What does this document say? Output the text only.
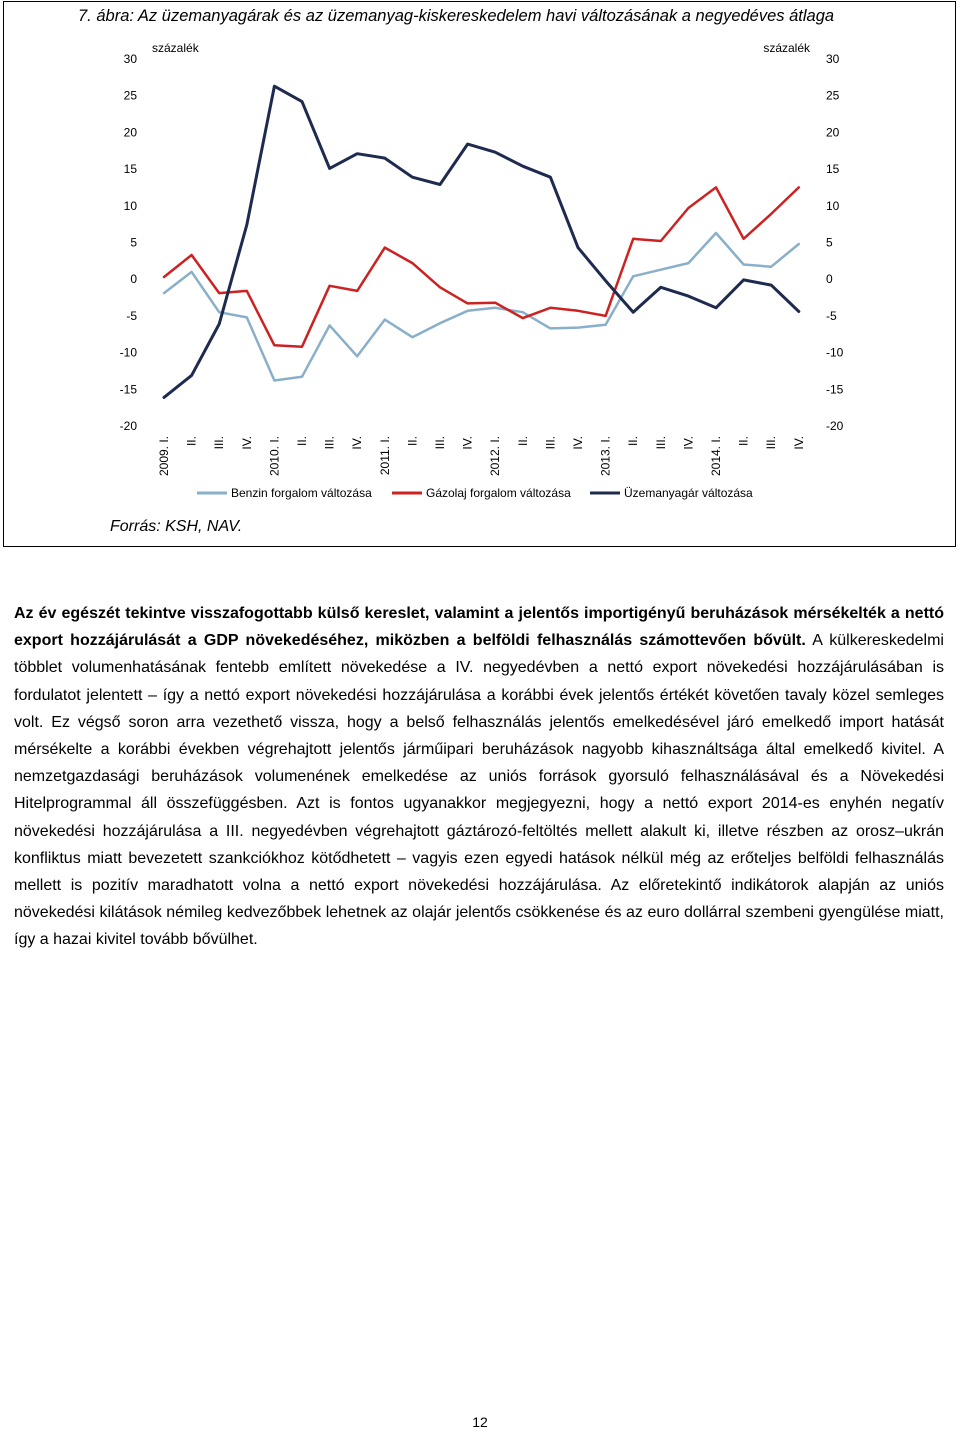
7. ábra: Az üzemanyagárak és az üzemanyag-kiskereskedelem havi változásának a negyedéves átlaga
30	30
25	25
20	20
15	15
10	10
5	5
0	0
-5	-5
-10	-10
-15	-15
-20	-20
százalék	százalék
2009. I. II. III. IV. 2010. I. II. III. IV. 2011. I. II. III. IV. 2012. I. II. III. IV. 2013. I. II. III. IV. 2014. I. II. III. IV.
Benzin forgalom változása	Gázolaj forgalom változása	Üzemanyagár változása
Forrás: KSH, NAV.
Az év egészét tekintve visszafogottabb külső kereslet, valamint a jelentős importigényű beruházások mérsékelték a nettó export hozzájárulását a GDP növekedéséhez, miközben a belföldi felhasználás számottevően bővült. A külkereskedelmi többlet volumenhatásának fentebb említett növekedése a IV. negyedévben a nettó export növekedési hozzájárulásában is fordulatot jelentett – így a nettó export növekedési hozzájárulása a korábbi évek jelentős értékét követően tavaly közel semleges volt. Ez végső soron arra vezethető vissza, hogy a belső felhasználás jelentős emelkedésével járó emelkedő import hatását mérsékelte a korábbi években végrehajtott jelentős járműipari beruházások nagyobb kihasználtsága által emelkedő kivitel. A nemzetgazdasági beruházások volumenének emelkedése az uniós források gyorsuló felhasználásával és a Növekedési Hitelprogrammal áll összefüggésben. Azt is fontos ugyanakkor megjegyezni, hogy a nettó export 2014-es enyhén negatív növekedési hozzájárulása a III. negyedévben végrehajtott gáztározó-feltöltés mellett alakult ki, illetve részben az orosz–ukrán konfliktus miatt bevezetett szankciókhoz kötődhetett – vagyis ezen egyedi hatások nélkül még az erőteljes belföldi felhasználás mellett is pozitív maradhatott volna a nettó export növekedési hozzájárulása. Az előretekintő indikátorok alapján az uniós növekedési kilátások némileg kedvezőbbek lehetnek az olajár jelentős csökkenése és az euro dollárral szembeni gyengülése miatt, így a hazai kivitel tovább bővülhet.
12
